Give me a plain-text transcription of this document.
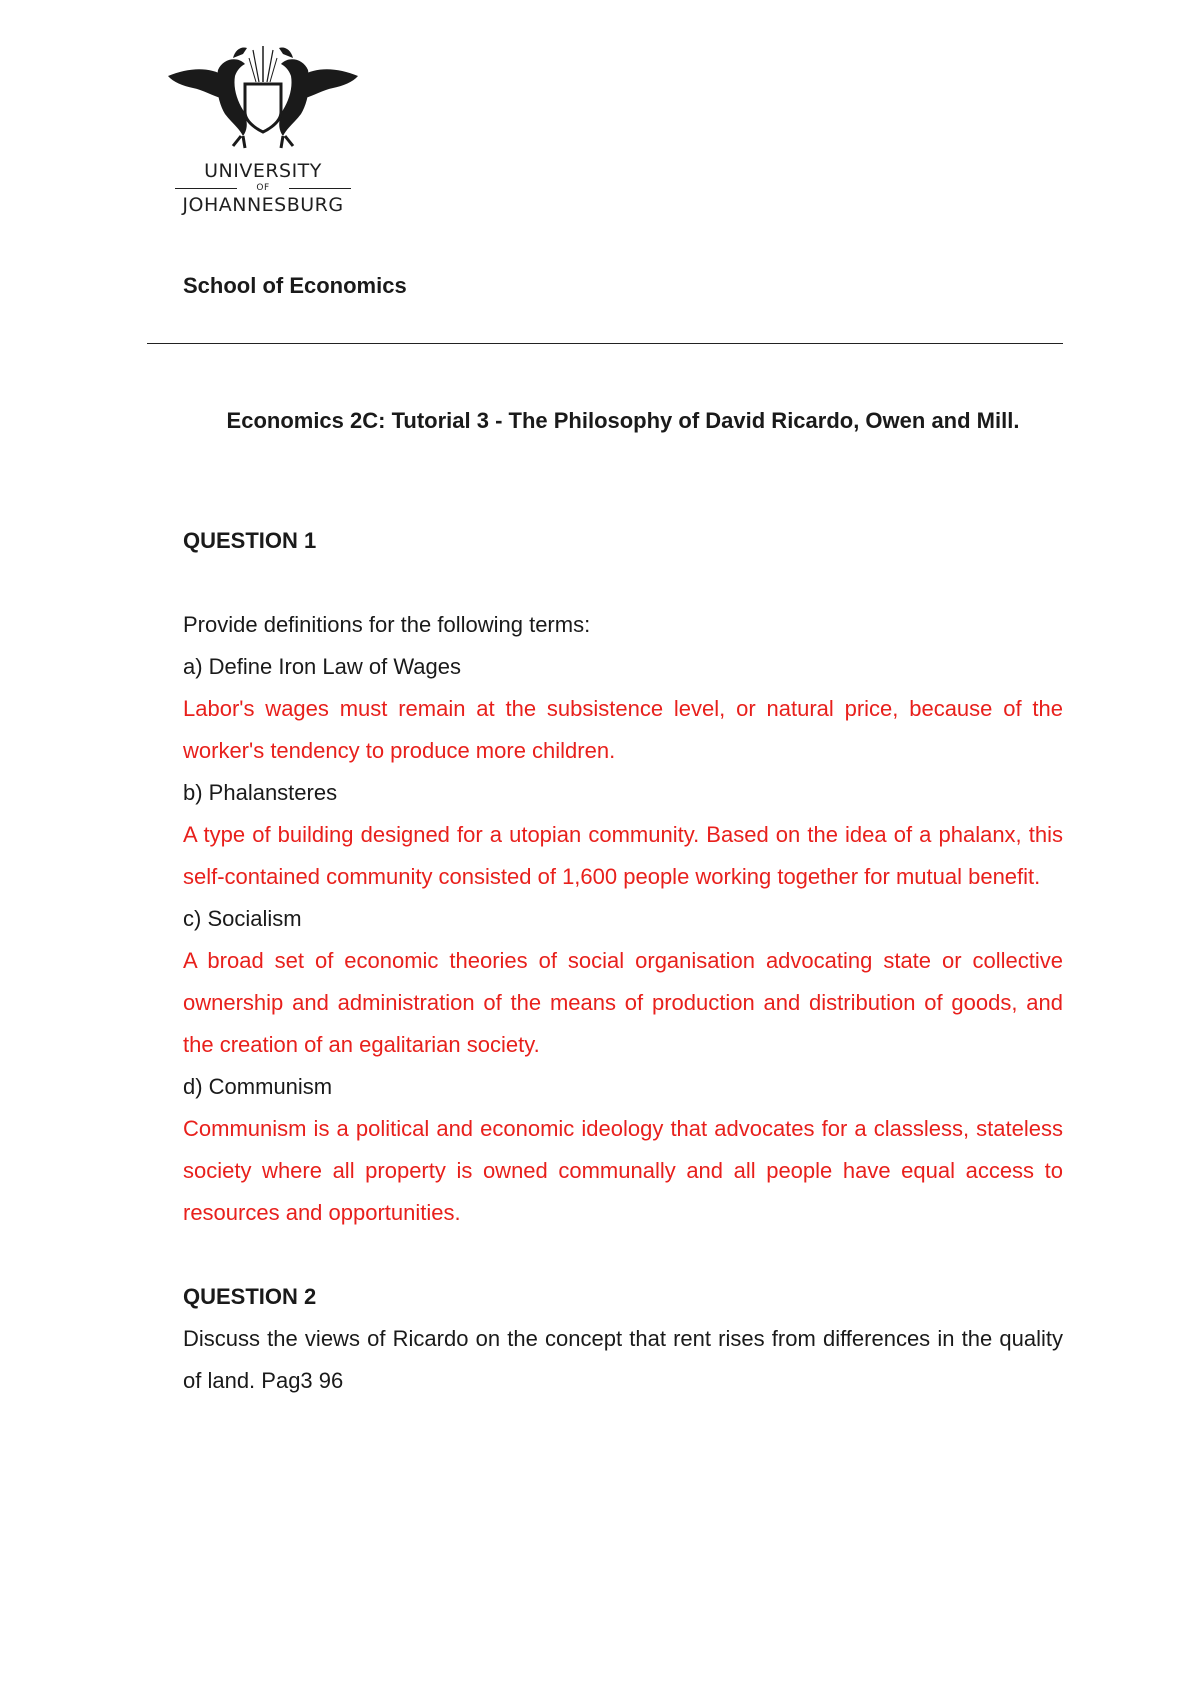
UNIVERSITY
OF
JOHANNESBURG
School of Economics
Economics 2C: Tutorial 3 - The Philosophy of David Ricardo, Owen and Mill.

QUESTION 1

Provide definitions for the following terms:

a) Define Iron Law of Wages

Labor's wages must remain at the subsistence level, or natural price, because of the worker's tendency to produce more children.

b) Phalansteres

A type of building designed for a utopian community. Based on the idea of a phalanx, this self-contained community consisted of 1,600 people working together for mutual benefit.

c) Socialism

A broad set of economic theories of social organisation advocating state or collective ownership and administration of the means of production and distribution of goods, and the creation of an egalitarian society.

d) Communism

Communism is a political and economic ideology that advocates for a classless, stateless society where all property is owned communally and all people have equal access to resources and opportunities.

QUESTION 2

Discuss the views of Ricardo on the concept that rent rises from differences in the quality of land. Pag3 96
